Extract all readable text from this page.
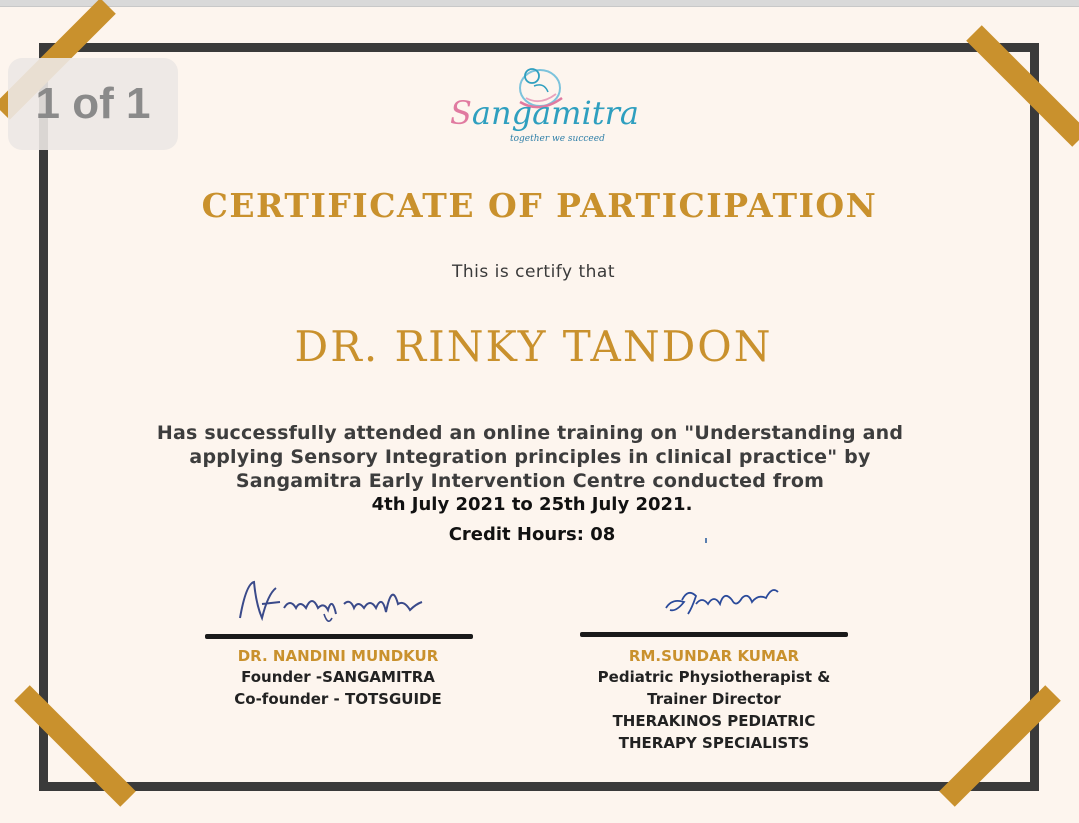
Sangamitra
together we succeed
CERTIFICATE OF PARTICIPATION
This is certify that
DR. RINKY TANDON
Has successfully attended an online training on "Understanding and
applying Sensory Integration principles in clinical practice" by
Sangamitra Early Intervention Centre conducted from
4th July 2021 to 25th July 2021.
Credit Hours: 08
DR. NANDINI MUNDKUR
Founder -SANGAMITRA
Co-founder - TOTSGUIDE
RM.SUNDAR KUMAR
Pediatric Physiotherapist &
Trainer Director
THERAKINOS PEDIATRIC
THERAPY SPECIALISTS
1 of 1
